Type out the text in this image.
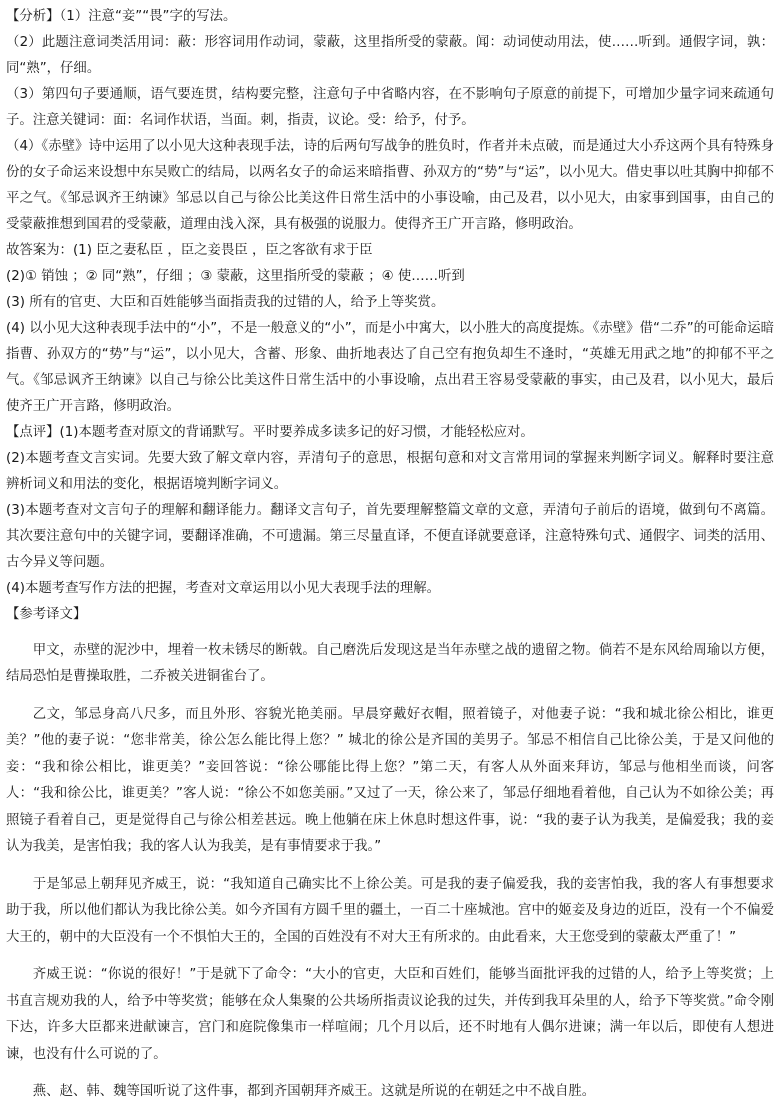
【分析】（1）注意“妾”“畏”字的写法。

（2）此题注意词类活用词：蔽：形容词用作动词，蒙蔽，这里指所受的蒙蔽。闻：动词使动用法，使……听到。通假字词，孰：同“熟”，仔细。

（3）第四句子要通顺，语气要连贯，结构要完整，注意句子中省略内容，在不影响句子原意的前提下，可增加少量字词来疏通句子。注意关键词：面：名词作状语，当面。刺，指责，议论。受：给予，付予。

（4）《赤壁》诗中运用了以小见大这种表现手法，诗的后两句写战争的胜负时，作者并未点破，而是通过大小乔这两个具有特殊身份的女子命运来设想中东吴败亡的结局，以两名女子的命运来暗指曹、孙双方的“势”与“运”，以小见大。借史事以吐其胸中抑郁不平之气。《邹忌讽齐王纳谏》邹忌以自己与徐公比美这件日常生活中的小事设喻，由己及君，以小见大，由家事到国事，由自己的受蒙蔽推想到国君的受蒙蔽，道理由浅入深，具有极强的说服力。使得齐王广开言路，修明政治。

故答案为：(1) 臣之妻私臣 ，臣之妾畏臣 ，臣之客欲有求于臣

(2)① 销蚀 ；② 同“熟”，仔细 ；③ 蒙蔽，这里指所受的蒙蔽 ；④ 使……听到

(3) 所有的官吏、大臣和百姓能够当面指责我的过错的人，给予上等奖赏。

(4) 以小见大这种表现手法中的“小”，不是一般意义的“小”，而是小中寓大，以小胜大的高度提炼。《赤壁》借“二乔”的可能命运暗指曹、孙双方的“势”与“运”，以小见大，含蓄、形象、曲折地表达了自己空有抱负却生不逢时，“英雄无用武之地”的抑郁不平之气。《邹忌讽齐王纳谏》以自己与徐公比美这件日常生活中的小事设喻，点出君王容易受蒙蔽的事实，由己及君，以小见大，最后使齐王广开言路，修明政治。

【点评】(1)本题考查对原文的背诵默写。平时要养成多读多记的好习惯，才能轻松应对。

(2)本题考查文言实词。先要大致了解文章内容，弄清句子的意思，根据句意和对文言常用词的掌握来判断字词义。解释时要注意辨析词义和用法的变化，根据语境判断字词义。

(3)本题考查对文言句子的理解和翻译能力。翻译文言句子，首先要理解整篇文章的文意，弄清句子前后的语境，做到句不离篇。其次要注意句中的关键字词，要翻译准确，不可遗漏。第三尽量直译，不便直译就要意译，注意特殊句式、通假字、词类的活用、古今异义等问题。

(4)本题考查写作方法的把握，考查对文章运用以小见大表现手法的理解。

【参考译文】

甲文，赤壁的泥沙中，埋着一枚未锈尽的断戟。自己磨洗后发现这是当年赤壁之战的遗留之物。倘若不是东风给周瑜以方便，结局恐怕是曹操取胜，二乔被关进铜雀台了。

乙文，邹忌身高八尺多，而且外形、容貌光艳美丽。早晨穿戴好衣帽，照着镜子，对他妻子说：“我和城北徐公相比，谁更美？”他的妻子说：“您非常美，徐公怎么能比得上您？” 城北的徐公是齐国的美男子。邹忌不相信自己比徐公美，于是又问他的妾：“我和徐公相比，谁更美？”妾回答说：“徐公哪能比得上您？”第二天，有客人从外面来拜访，邹忌与他相坐而谈，问客人：“我和徐公比，谁更美？”客人说：“徐公不如您美丽。”又过了一天，徐公来了，邹忌仔细地看着他，自己认为不如徐公美；再照镜子看着自己，更是觉得自己与徐公相差甚远。晚上他躺在床上休息时想这件事，说：“我的妻子认为我美，是偏爱我；我的妾认为我美，是害怕我；我的客人认为我美，是有事情要求于我。”

于是邹忌上朝拜见齐威王，说：“我知道自己确实比不上徐公美。可是我的妻子偏爱我，我的妾害怕我，我的客人有事想要求助于我，所以他们都认为我比徐公美。如今齐国有方圆千里的疆土，一百二十座城池。宫中的姬妾及身边的近臣，没有一个不偏爱大王的，朝中的大臣没有一个不惧怕大王的，全国的百姓没有不对大王有所求的。由此看来，大王您受到的蒙蔽太严重了！”

齐威王说：“你说的很好！”于是就下了命令：“大小的官吏，大臣和百姓们，能够当面批评我的过错的人，给予上等奖赏；上书直言规劝我的人，给予中等奖赏；能够在众人集聚的公共场所指责议论我的过失，并传到我耳朵里的人，给予下等奖赏。”命令刚下达，许多大臣都来进献谏言，宫门和庭院像集市一样喧闹；几个月以后，还不时地有人偶尔进谏；满一年以后，即使有人想进谏，也没有什么可说的了。

燕、赵、韩、魏等国听说了这件事，都到齐国朝拜齐威王。这就是所说的在朝廷之中不战自胜。
